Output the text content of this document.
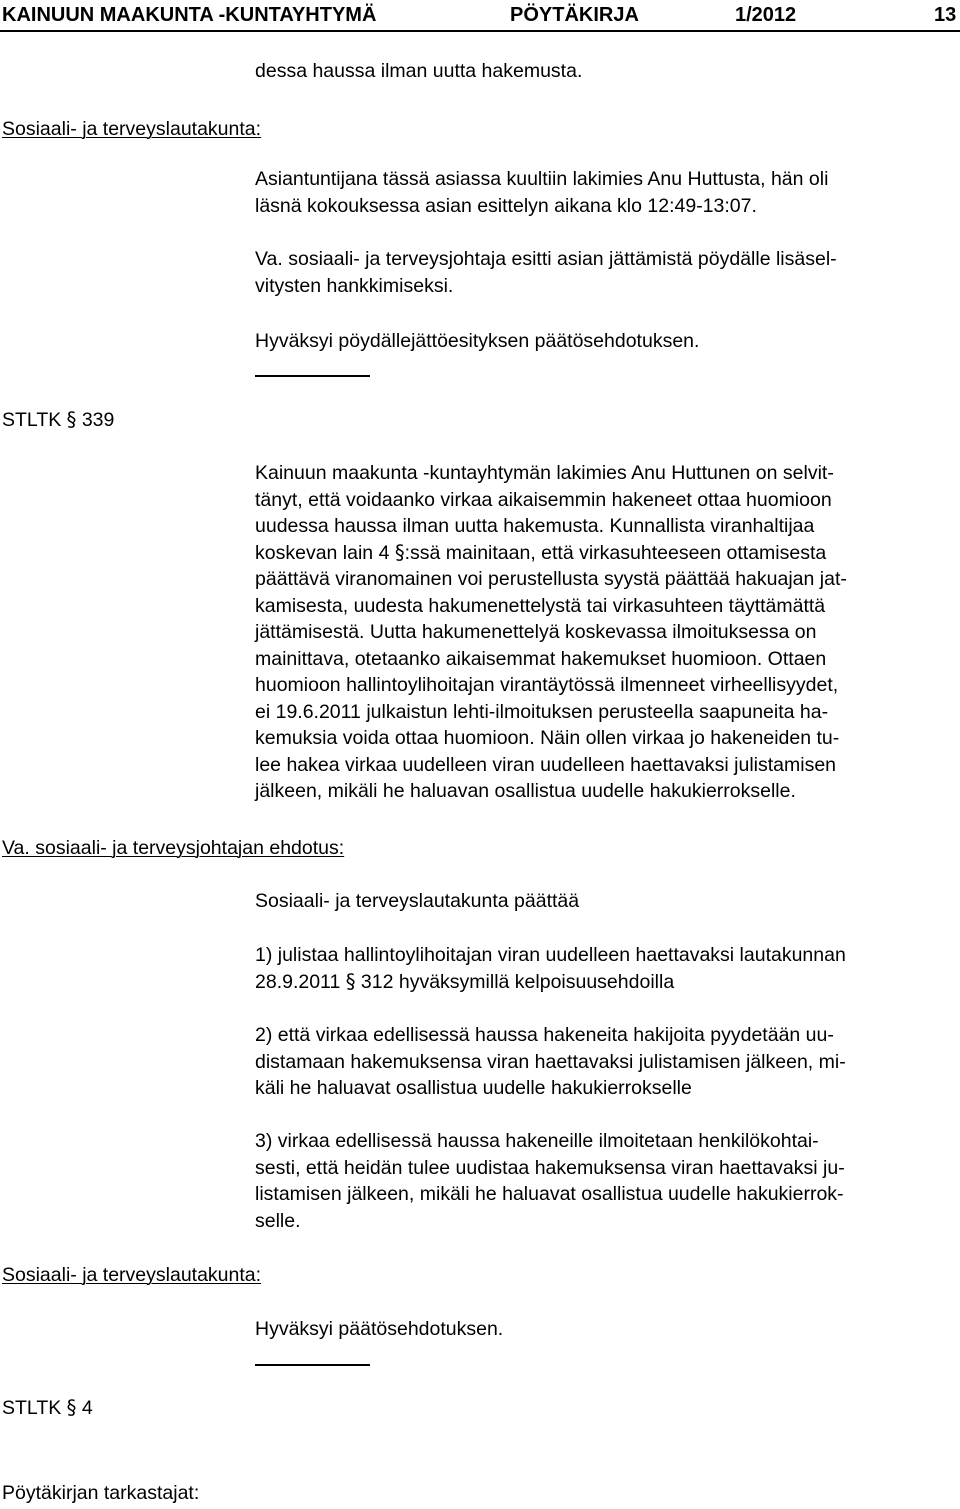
KAINUUN MAAKUNTA -KUNTAYHTYMÄ	PÖYTÄKIRJA	1/2012	13
dessa haussa ilman uutta hakemusta.
Sosiaali- ja terveyslautakunta:
Asiantuntijana tässä asiassa kuultiin lakimies Anu Huttusta, hän oli
läsnä kokouksessa asian esittelyn aikana klo 12:49-13:07.
Va. sosiaali- ja terveysjohtaja esitti asian jättämistä pöydälle lisäsel-
vitysten hankkimiseksi.
Hyväksyi pöydällejättöesityksen päätösehdotuksen.
STLTK § 339
Kainuun maakunta -kuntayhtymän lakimies Anu Huttunen on selvit-
tänyt, että voidaanko virkaa aikaisemmin hakeneet ottaa huomioon
uudessa haussa ilman uutta hakemusta. Kunnallista viranhaltijaa
koskevan lain 4 §:ssä mainitaan, että virkasuhteeseen ottamisesta
päättävä viranomainen voi perustellusta syystä päättää hakuajan jat-
kamisesta, uudesta hakumenettelystä tai virkasuhteen täyttämättä
jättämisestä. Uutta hakumenettelyä koskevassa ilmoituksessa on
mainittava, otetaanko aikaisemmat hakemukset huomioon. Ottaen
huomioon hallintoylihoitajan virantäytössä ilmenneet virheellisyydet,
ei 19.6.2011 julkaistun lehti-ilmoituksen perusteella saapuneita ha-
kemuksia voida ottaa huomioon. Näin ollen virkaa jo hakeneiden tu-
lee hakea virkaa uudelleen viran uudelleen haettavaksi julistamisen
jälkeen, mikäli he haluavan osallistua uudelle hakukierrokselle.
Va. sosiaali- ja terveysjohtajan ehdotus:
Sosiaali- ja terveyslautakunta päättää
1) julistaa hallintoylihoitajan viran uudelleen haettavaksi lautakunnan
28.9.2011 § 312 hyväksymillä kelpoisuusehdoilla
2) että virkaa edellisessä haussa hakeneita hakijoita pyydetään uu-
distamaan hakemuksensa viran haettavaksi julistamisen jälkeen, mi-
käli he haluavat osallistua uudelle hakukierrokselle
3) virkaa edellisessä haussa hakeneille ilmoitetaan henkilökohtai-
sesti, että heidän tulee uudistaa hakemuksensa viran haettavaksi ju-
listamisen jälkeen, mikäli he haluavat osallistua uudelle hakukierrok-
selle.
Sosiaali- ja terveyslautakunta:
Hyväksyi päätösehdotuksen.
STLTK § 4
Pöytäkirjan tarkastajat:
